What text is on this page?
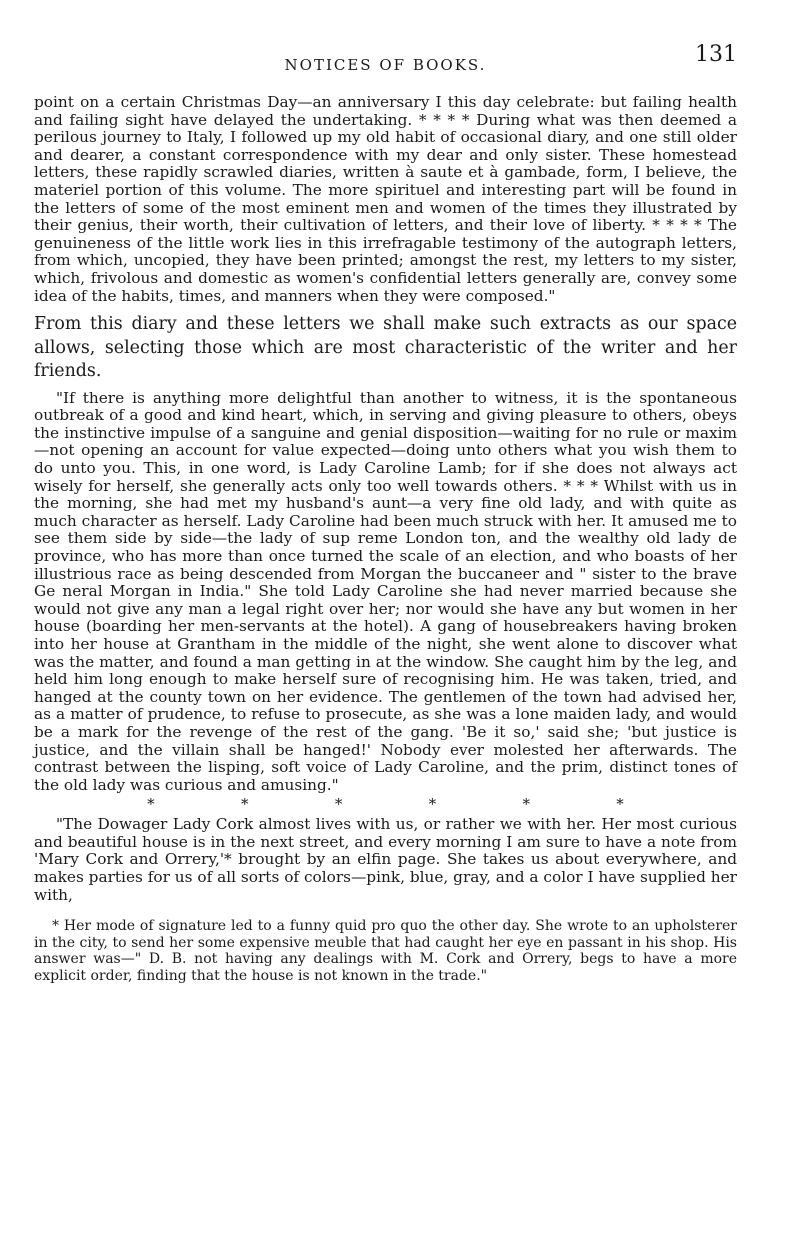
NOTICES OF BOOKS.	131

point on a certain Christmas Day—an anniversary I this day celebrate: but failing health and failing sight have delayed the undertaking. * * * * During what was then deemed a perilous journey to Italy, I followed up my old habit of occasional diary, and one still older and dearer, a constant correspondence with my dear and only sister. These homestead letters, these rapidly scrawled diaries, written à saute et à gambade, form, I believe, the materiel portion of this volume. The more spirituel and interesting part will be found in the letters of some of the most eminent men and women of the times they illustrated by their genius, their worth, their cultivation of letters, and their love of liberty. * * * * The genuineness of the little work lies in this irrefragable testimony of the autograph letters, from which, uncopied, they have been printed; amongst the rest, my letters to my sister, which, frivolous and domestic as women's confidential letters generally are, convey some idea of the habits, times, and manners when they were composed."

From this diary and these letters we shall make such extracts as our space allows, selecting those which are most characteristic of the writer and her friends.

"If there is anything more delightful than another to witness, it is the spontaneous outbreak of a good and kind heart, which, in serving and giving pleasure to others, obeys the instinctive impulse of a sanguine and genial disposition—waiting for no rule or maxim—not opening an account for value expected—doing unto others what you wish them to do unto you. This, in one word, is Lady Caroline Lamb; for if she does not always act wisely for herself, she generally acts only too well towards others. * * * Whilst with us in the morning, she had met my husband's aunt—a very fine old lady, and with quite as much character as herself. Lady Caroline had been much struck with her. It amused me to see them side by side—the lady of sup reme London ton, and the wealthy old lady de province, who has more than once turned the scale of an election, and who boasts of her illustrious race as being descended from Morgan the buccaneer and " sister to the brave Ge neral Morgan in India." She told Lady Caroline she had never married because she would not give any man a legal right over her; nor would she have any but women in her house (boarding her men-servants at the hotel). A gang of housebreakers having broken into her house at Grantham in the middle of the night, she went alone to discover what was the matter, and found a man getting in at the window. She caught him by the leg, and held him long enough to make herself sure of recognising him. He was taken, tried, and hanged at the county town on her evidence. The gentlemen of the town had advised her, as a matter of prudence, to refuse to prosecute, as she was a lone maiden lady, and would be a mark for the revenge of the rest of the gang. 'Be it so,' said she; 'but justice is justice, and the villain shall be hanged!' Nobody ever molested her afterwards. The contrast between the lisping, soft voice of Lady Caroline, and the prim, distinct tones of the old lady was curious and amusing."

*	*	*	*	*	*

"The Dowager Lady Cork almost lives with us, or rather we with her. Her most curious and beautiful house is in the next street, and every morning I am sure to have a note from 'Mary Cork and Orrery,'* brought by an elfin page. She takes us about everywhere, and makes parties for us of all sorts of colors—pink, blue, gray, and a color I have supplied her with,

* Her mode of signature led to a funny quid pro quo the other day. She wrote to an upholsterer in the city, to send her some expensive meuble that had caught her eye en passant in his shop. His answer was—" D. B. not having any dealings with M. Cork and Orrery, begs to have a more explicit order, finding that the house is not known in the trade."
